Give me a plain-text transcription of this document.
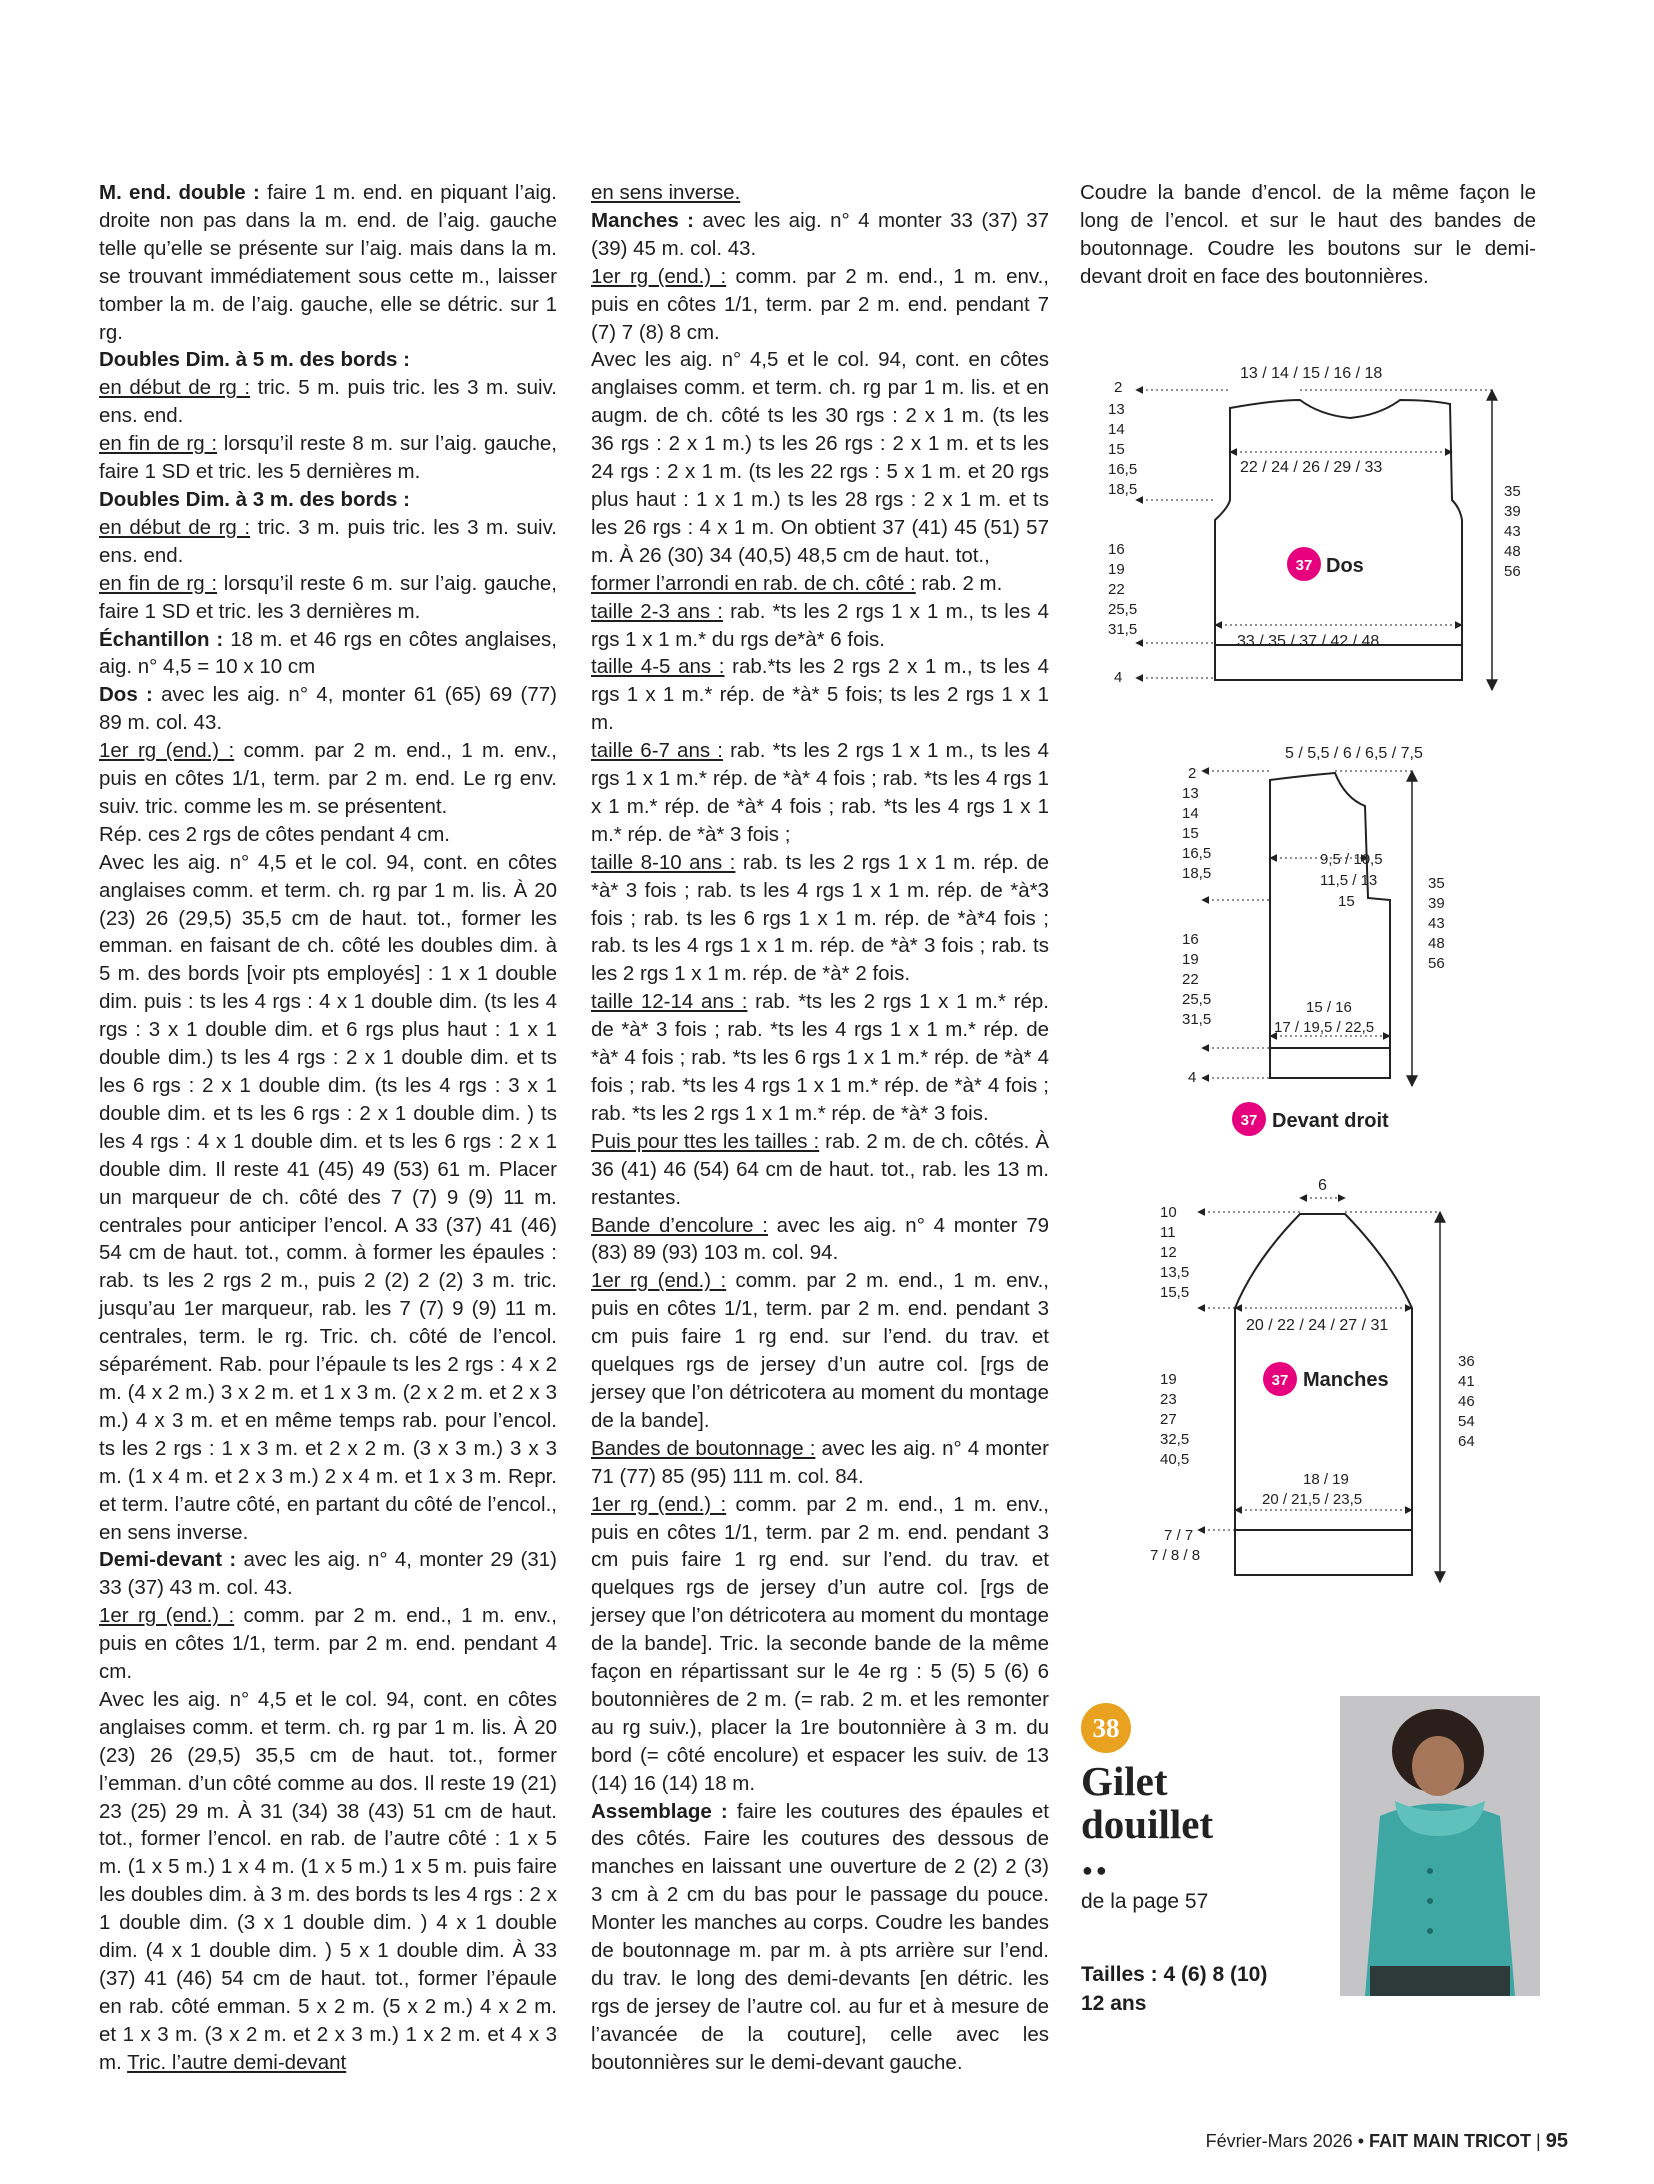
M. end. double : faire 1 m. end. en piquant l’aig. droite non pas dans la m. end. de l’aig. gauche telle qu’elle se présente sur l’aig. mais dans la m. se trouvant immédiatement sous cette m., laisser tomber la m. de l’aig. gauche, elle se détric. sur 1 rg.

Doubles Dim. à 5 m. des bords :

en début de rg : tric. 5 m. puis tric. les 3 m. suiv. ens. end.

en fin de rg : lorsqu’il reste 8 m. sur l’aig. gauche, faire 1 SD et tric. les 5 dernières m.

Doubles Dim. à 3 m. des bords :

en début de rg : tric. 3 m. puis tric. les 3 m. suiv. ens. end.

en fin de rg : lorsqu’il reste 6 m. sur l’aig. gauche, faire 1 SD et tric. les 3 dernières m.

Échantillon : 18 m. et 46 rgs en côtes anglaises, aig. n° 4,5 = 10 x 10 cm

Dos : avec les aig. n° 4, monter 61 (65) 69 (77) 89 m. col. 43.

1er rg (end.) : comm. par 2 m. end., 1 m. env., puis en côtes 1/1, term. par 2 m. end. Le rg env. suiv. tric. comme les m. se présentent.

Rép. ces 2 rgs de côtes pendant 4 cm.

Avec les aig. n° 4,5 et le col. 94, cont. en côtes anglaises comm. et term. ch. rg par 1 m. lis. À 20 (23) 26 (29,5) 35,5 cm de haut. tot., former les emman. en faisant de ch. côté les doubles dim. à 5 m. des bords [voir pts employés] : 1 x 1 double dim. puis : ts les 4 rgs : 4 x 1 double dim. (ts les 4 rgs : 3 x 1 double dim. et 6 rgs plus haut : 1 x 1 double dim.) ts les 4 rgs : 2 x 1 double dim. et ts les 6 rgs : 2 x 1 double dim. (ts les 4 rgs : 3 x 1 double dim. et ts les 6 rgs : 2 x 1 double dim. ) ts les 4 rgs : 4 x 1 double dim. et ts les 6 rgs : 2 x 1 double dim. Il reste 41 (45) 49 (53) 61 m. Placer un marqueur de ch. côté des 7 (7) 9 (9) 11 m. centrales pour anticiper l’encol. A 33 (37) 41 (46) 54 cm de haut. tot., comm. à former les épaules : rab. ts les 2 rgs 2 m., puis 2 (2) 2 (2) 3 m. tric. jusqu’au 1er marqueur, rab. les 7 (7) 9 (9) 11 m. centrales, term. le rg. Tric. ch. côté de l’encol. séparément. Rab. pour l’épaule ts les 2 rgs : 4 x 2 m. (4 x 2 m.) 3 x 2 m. et 1 x 3 m. (2 x 2 m. et 2 x 3 m.) 4 x 3 m. et en même temps rab. pour l’encol. ts les 2 rgs : 1 x 3 m. et 2 x 2 m. (3 x 3 m.) 3 x 3 m. (1 x 4 m. et 2 x 3 m.) 2 x 4 m. et 1 x 3 m. Repr. et term. l’autre côté, en partant du côté de l’encol., en sens inverse.

Demi-devant : avec les aig. n° 4, monter 29 (31) 33 (37) 43 m. col. 43.

1er rg (end.) : comm. par 2 m. end., 1 m. env., puis en côtes 1/1, term. par 2 m. end. pendant 4 cm.

Avec les aig. n° 4,5 et le col. 94, cont. en côtes anglaises comm. et term. ch. rg par 1 m. lis. À 20 (23) 26 (29,5) 35,5 cm de haut. tot., former l’emman. d’un côté comme au dos. Il reste 19 (21) 23 (25) 29 m. À 31 (34) 38 (43) 51 cm de haut. tot., former l’encol. en rab. de l’autre côté : 1 x 5 m. (1 x 5 m.) 1 x 4 m. (1 x 5 m.) 1 x 5 m. puis faire les doubles dim. à 3 m. des bords ts les 4 rgs : 2 x 1 double dim. (3 x 1 double dim. ) 4 x 1 double dim. (4 x 1 double dim. ) 5 x 1 double dim. À 33 (37) 41 (46) 54 cm de haut. tot., former l’épaule en rab. côté emman. 5 x 2 m. (5 x 2 m.) 4 x 2 m. et 1 x 3 m. (3 x 2 m. et 2 x 3 m.) 1 x 2 m. et 4 x 3 m. Tric. l’autre demi-devant

en sens inverse.

Manches : avec les aig. n° 4 monter 33 (37) 37 (39) 45 m. col. 43.

1er rg (end.) : comm. par 2 m. end., 1 m. env., puis en côtes 1/1, term. par 2 m. end. pendant 7 (7) 7 (8) 8 cm.

Avec les aig. n° 4,5 et le col. 94, cont. en côtes anglaises comm. et term. ch. rg par 1 m. lis. et en augm. de ch. côté ts les 30 rgs : 2 x 1 m. (ts les 36 rgs : 2 x 1 m.) ts les 26 rgs : 2 x 1 m. et ts les 24 rgs : 2 x 1 m. (ts les 22 rgs : 5 x 1 m. et 20 rgs plus haut : 1 x 1 m.) ts les 28 rgs : 2 x 1 m. et ts les 26 rgs : 4 x 1 m. On obtient 37 (41) 45 (51) 57 m. À 26 (30) 34 (40,5) 48,5 cm de haut. tot.,

former l’arrondi en rab. de ch. côté : rab. 2 m.

taille 2-3 ans : rab. *ts les 2 rgs 1 x 1 m., ts les 4 rgs 1 x 1 m.* du rgs de*à* 6 fois.

taille 4-5 ans : rab.*ts les 2 rgs 2 x 1 m., ts les 4 rgs 1 x 1 m.* rép. de *à* 5 fois; ts les 2 rgs 1 x 1 m.

taille 6-7 ans : rab. *ts les 2 rgs 1 x 1 m., ts les 4 rgs 1 x 1 m.* rép. de *à* 4 fois ; rab. *ts les 4 rgs 1 x 1 m.* rép. de *à* 4 fois ; rab. *ts les 4 rgs 1 x 1 m.* rép. de *à* 3 fois ;

taille 8-10 ans : rab. ts les 2 rgs 1 x 1 m. rép. de *à* 3 fois ; rab. ts les 4 rgs 1 x 1 m. rép. de *à*3 fois ; rab. ts les 6 rgs 1 x 1 m. rép. de *à*4 fois ; rab. ts les 4 rgs 1 x 1 m. rép. de *à* 3 fois ; rab. ts les 2 rgs 1 x 1 m. rép. de *à* 2 fois.

taille 12-14 ans : rab. *ts les 2 rgs 1 x 1 m.* rép. de *à* 3 fois ; rab. *ts les 4 rgs 1 x 1 m.* rép. de *à* 4 fois ; rab. *ts les 6 rgs 1 x 1 m.* rép. de *à* 4 fois ; rab. *ts les 4 rgs 1 x 1 m.* rép. de *à* 4 fois ; rab. *ts les 2 rgs 1 x 1 m.* rép. de *à* 3 fois.

Puis pour ttes les tailles : rab. 2 m. de ch. côtés. À 36 (41) 46 (54) 64 cm de haut. tot., rab. les 13 m. restantes.

Bande d’encolure : avec les aig. n° 4 monter 79 (83) 89 (93) 103 m. col. 94.

1er rg (end.) : comm. par 2 m. end., 1 m. env., puis en côtes 1/1, term. par 2 m. end. pendant 3 cm puis faire 1 rg end. sur l’end. du trav. et quelques rgs de jersey d’un autre col. [rgs de jersey que l’on détricotera au moment du montage de la bande].

Bandes de boutonnage : avec les aig. n° 4 monter 71 (77) 85 (95) 111 m. col. 84.

1er rg (end.) : comm. par 2 m. end., 1 m. env., puis en côtes 1/1, term. par 2 m. end. pendant 3 cm puis faire 1 rg end. sur l’end. du trav. et quelques rgs de jersey d’un autre col. [rgs de jersey que l’on détricotera au moment du montage de la bande]. Tric. la seconde bande de la même façon en répartissant sur le 4e rg : 5 (5) 5 (6) 6 boutonnières de 2 m. (= rab. 2 m. et les remonter au rg suiv.), placer la 1re boutonnière à 3 m. du bord (= côté encolure) et espacer les suiv. de 13 (14) 16 (14) 18 m.

Assemblage : faire les coutures des épaules et des côtés. Faire les coutures des dessous de manches en laissant une ouverture de 2 (2) 2 (3) 3 cm à 2 cm du bas pour le passage du pouce. Monter les manches au corps. Coudre les bandes de boutonnage m. par m. à pts arrière sur l’end. du trav. le long des demi-devants [en détric. les rgs de jersey de l’autre col. au fur et à mesure de l’avancée de la couture], celle avec les boutonnières sur le demi-devant gauche.

Coudre la bande d’encol. de la même façon le long de l’encol. et sur le haut des bandes de boutonnage. Coudre les boutons sur le demi-devant droit en face des boutonnières.

13 / 14 / 15 / 16 / 18
22 / 24 / 26 / 29 / 33
33 / 35 / 37 / 42 / 48
2
13
14
15
16,5
18,5
16
19
22
25,5
31,5
4
35
39
43
48
56
37 Dos
5 / 5,5 / 6 / 6,5 / 7,5
9,5 / 10,5
11,5 / 13
15
15 / 16
17 / 19,5 / 22,5
2
13
14
15
16,5
18,5
16
19
22
25,5
31,5
4
35
39
43
48
56
37 Devant droit
6
20 / 22 / 24 / 27 / 31
18 / 19
20 / 21,5 / 23,5
10
11
12
13,5
15,5
19
23
27
32,5
40,5
7 / 7
7 / 8 / 8
36
41
46
54
64
37 Manches
38
Gilet
douillet
●●
de la page 57
Tailles : 4 (6) 8 (10)
12 ans
Février-Mars 2026 • FAIT MAIN TRICOT | 95
